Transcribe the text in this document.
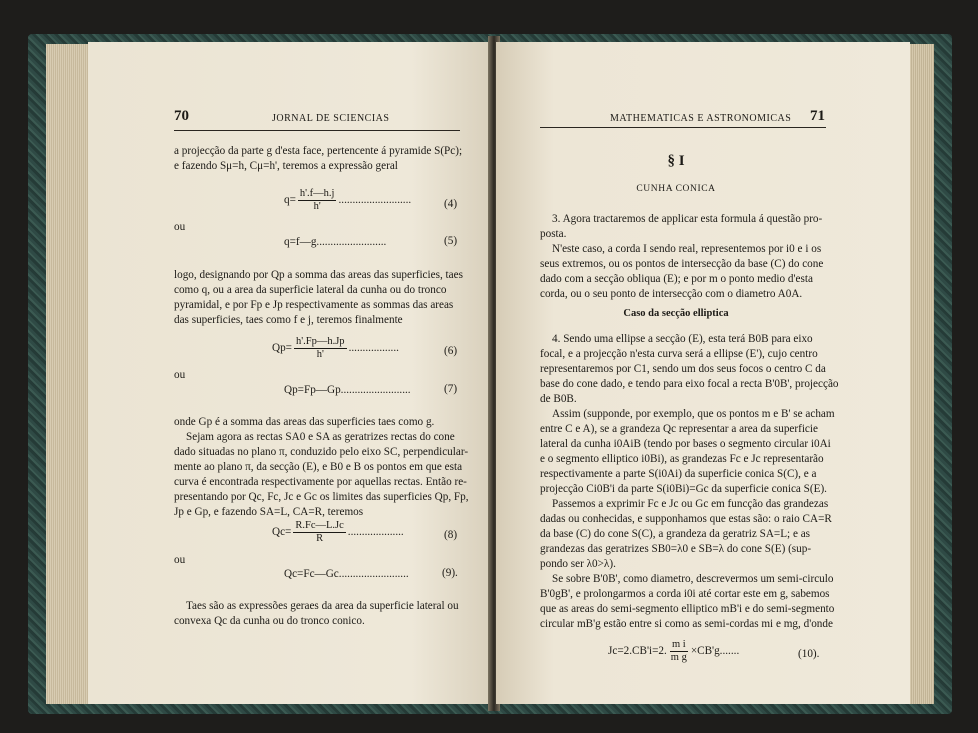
70	JORNAL DE SCIENCIAS
a projecção da parte g d'esta face, pertencente á pyramide S(Pc);
e fazendo Sμ=h, Cμ=h', teremos a expressão geral
$q= \frac{h'.f—h.j}{h'}$ ..........................	(4)
ou
q=f—g.........................	(5)
logo, designando por Qp a somma das areas das superficies, taes
como q, ou a area da superficie lateral da cunha ou do tronco
pyramidal, e por Fp e Jp respectivamente as sommas das areas
das superficies, taes como f e j, teremos finalmente
$Qp= \frac{h'.Fp—h.Jp}{h'}$ ..................	(6)
ou
Qp=Fp—Gp.........................	(7)
onde Gp é a somma das areas das superficies taes como g.
Sejam agora as rectas SA0 e SA as geratrizes rectas do cone
dado situadas no plano π, conduzido pelo eixo SC, perpendicular-
mente ao plano π, da secção (E), e B0 e B os pontos em que esta
curva é encontrada respectivamente por aquellas rectas. Então re-
presentando por Qc, Fc, Jc e Gc os limites das superficies Qp, Fp,
Jp e Gp, e fazendo SA=L, CA=R, teremos
$Qc= \frac{R.Fc—L.Jc}{R}$ ....................	(8)
ou
Qc=Fc—Gc.........................	(9).
Taes são as expressões geraes da area da superficie lateral ou
convexa Qc da cunha ou do tronco conico.
MATHEMATICAS E ASTRONOMICAS 71
§ I
CUNHA CONICA
3. Agora tractaremos de applicar esta formula á questão pro-
posta.
N'este caso, a corda I sendo real, representemos por i0 e i os
seus extremos, ou os pontos de intersecção da base (C) do cone
dado com a secção obliqua (E); e por m o ponto medio d'esta
corda, ou o seu ponto de intersecção com o diametro A0A.
Caso da secção elliptica
4. Sendo uma ellipse a secção (E), esta terá B0B para eixo
focal, e a projecção n'esta curva será a ellipse (E'), cujo centro
representaremos por C1, sendo um dos seus focos o centro C da
base do cone dado, e tendo para eixo focal a recta B'0B', projecção
de B0B.
Assim (supponde, por exemplo, que os pontos m e B' se acham
entre C e A), se a grandeza Qc representar a area da superficie
lateral da cunha i0AiB (tendo por bases o segmento circular i0Ai
e o segmento elliptico i0Bi), as grandezas Fc e Jc representarão
respectivamente a parte S(i0Ai) da superficie conica S(C), e a
projecção Ci0B'i da parte S(i0Bi)=Gc da superficie conica S(E).
Passemos a exprimir Fc e Jc ou Gc em funcção das grandezas
dadas ou conhecidas, e supponhamos que estas são: o raio CA=R
da base (C) do cone S(C), a grandeza da geratriz SA=L; e as
grandezas das geratrizes SB0=λ0 e SB=λ do cone S(E) (sup-
pondo ser λ0>λ).
Se sobre B'0B', como diametro, descrevermos um semi-circulo
B'0gB', e prolongarmos a corda i0i até cortar este em g, sabemos
que as areas do semi-segmento elliptico mB'i e do semi-segmento
circular mB'g estão entre si como as semi-cordas mi e mg, d'onde
Jc=2.CB'i=2. $\frac{\text{m i}}{\text{m g}} \times CB'g$.......	(10).
